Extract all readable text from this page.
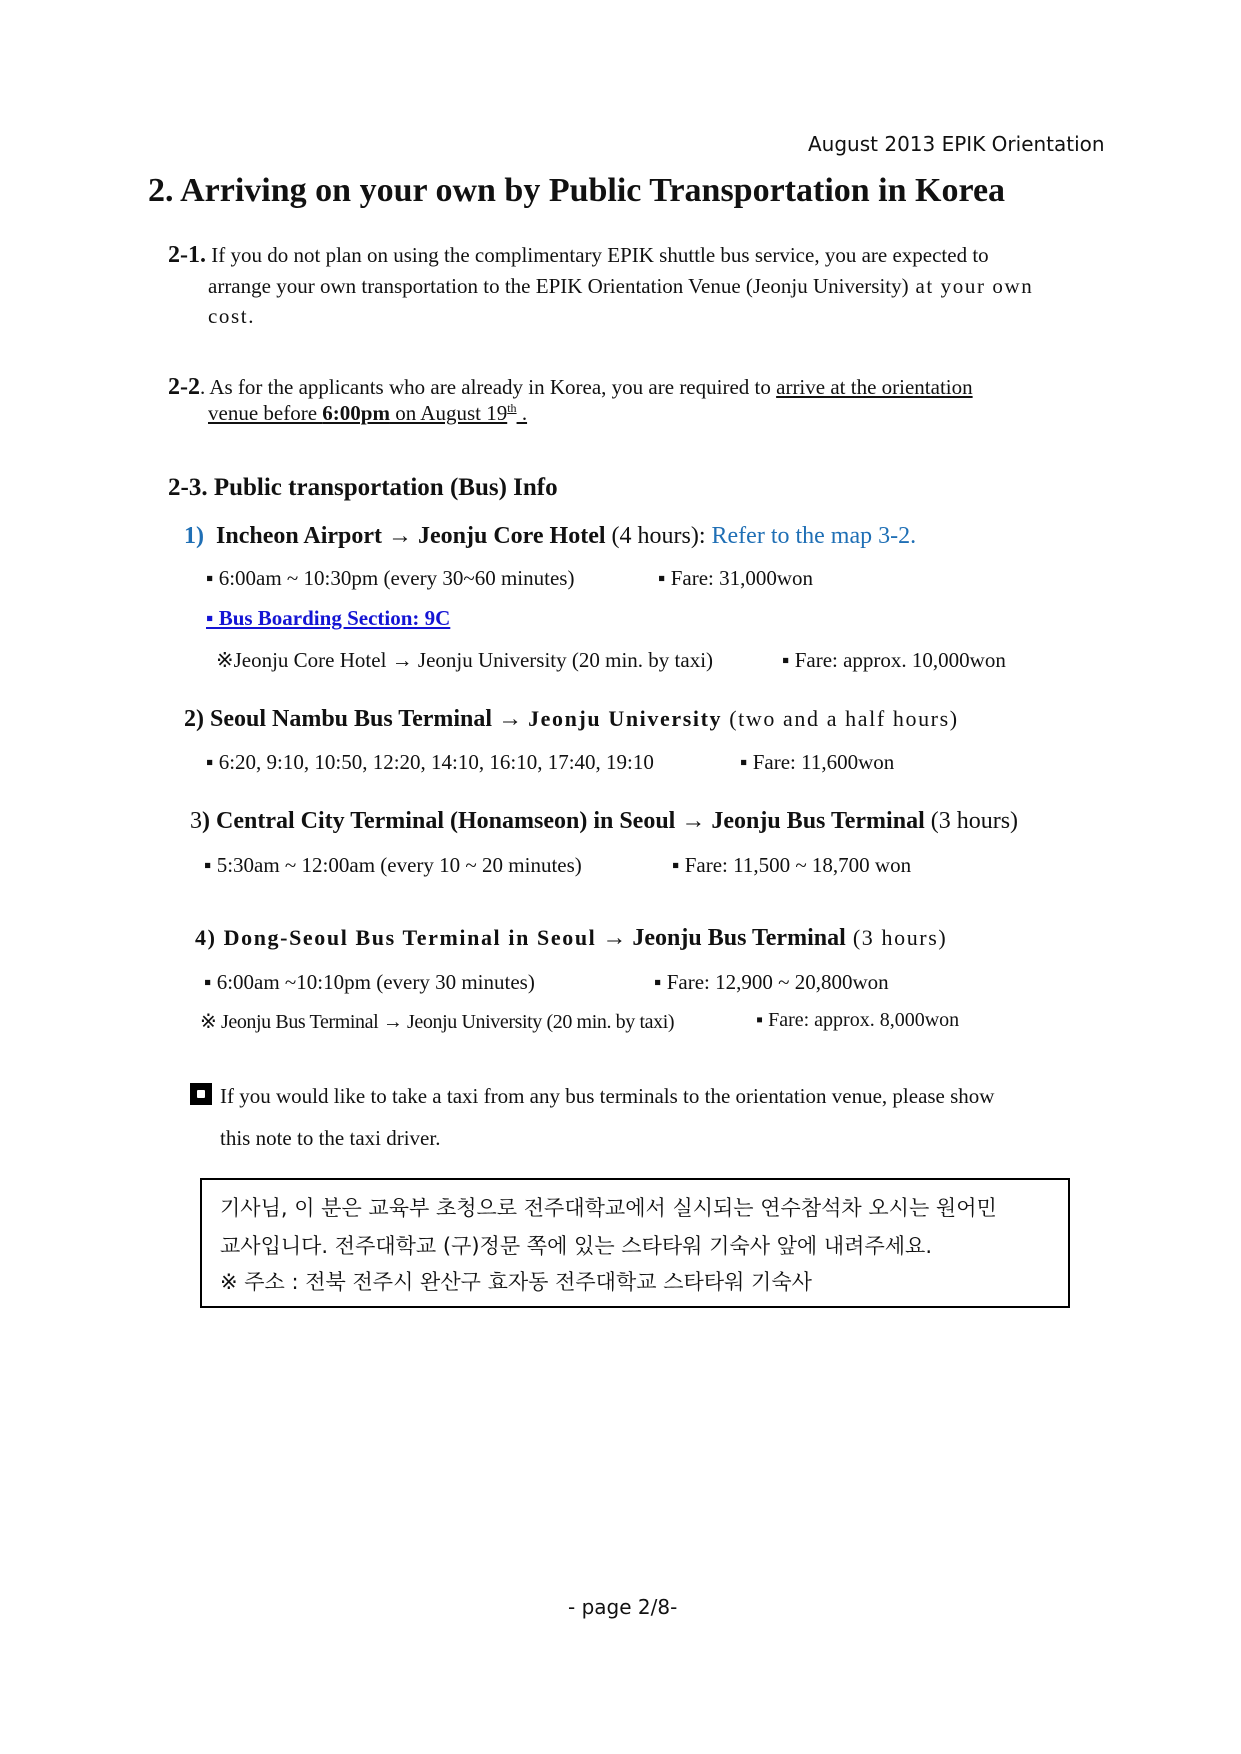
August 2013 EPIK Orientation
2. Arriving on your own by Public Transportation in Korea
2-1. If you do not plan on using the complimentary EPIK shuttle bus service, you are expected to
arrange your own transportation to the EPIK Orientation Venue (Jeonju University) at your own
cost.
2-2. As for the applicants who are already in Korea, you are required to arrive at the orientation
venue before 6:00pm on August 19th .
2-3. Public transportation (Bus) Info
1) Incheon Airport → Jeonju Core Hotel (4 hours): Refer to the map 3-2.
▪ 6:00am ~ 10:30pm (every 30~60 minutes)	▪ Fare: 31,000won
▪ Bus Boarding Section: 9C
※Jeonju Core Hotel → Jeonju University (20 min. by taxi)	▪ Fare: approx. 10,000won
2) Seoul Nambu Bus Terminal → Jeonju University (two and a half hours)
▪ 6:20, 9:10, 10:50, 12:20, 14:10, 16:10, 17:40, 19:10	▪ Fare: 11,600won
3) Central City Terminal (Honamseon) in Seoul → Jeonju Bus Terminal (3 hours)
▪ 5:30am ~ 12:00am (every 10 ~ 20 minutes)	▪ Fare: 11,500 ~ 18,700 won
4) Dong-Seoul Bus Terminal in Seoul → Jeonju Bus Terminal (3 hours)
▪ 6:00am ~10:10pm (every 30 minutes)	▪ Fare: 12,900 ~ 20,800won
※ Jeonju Bus Terminal → Jeonju University (20 min. by taxi)	▪ Fare: approx. 8,000won
If you would like to take a taxi from any bus terminals to the orientation venue, please show
this note to the taxi driver.
기사님, 이 분은 교육부 초청으로 전주대학교에서 실시되는 연수참석차 오시는 원어민
교사입니다. 전주대학교 (구)정문 쪽에 있는 스타타워 기숙사 앞에 내려주세요.
※ 주소 : 전북 전주시 완산구 효자동 전주대학교 스타타워 기숙사
- page 2/8-
